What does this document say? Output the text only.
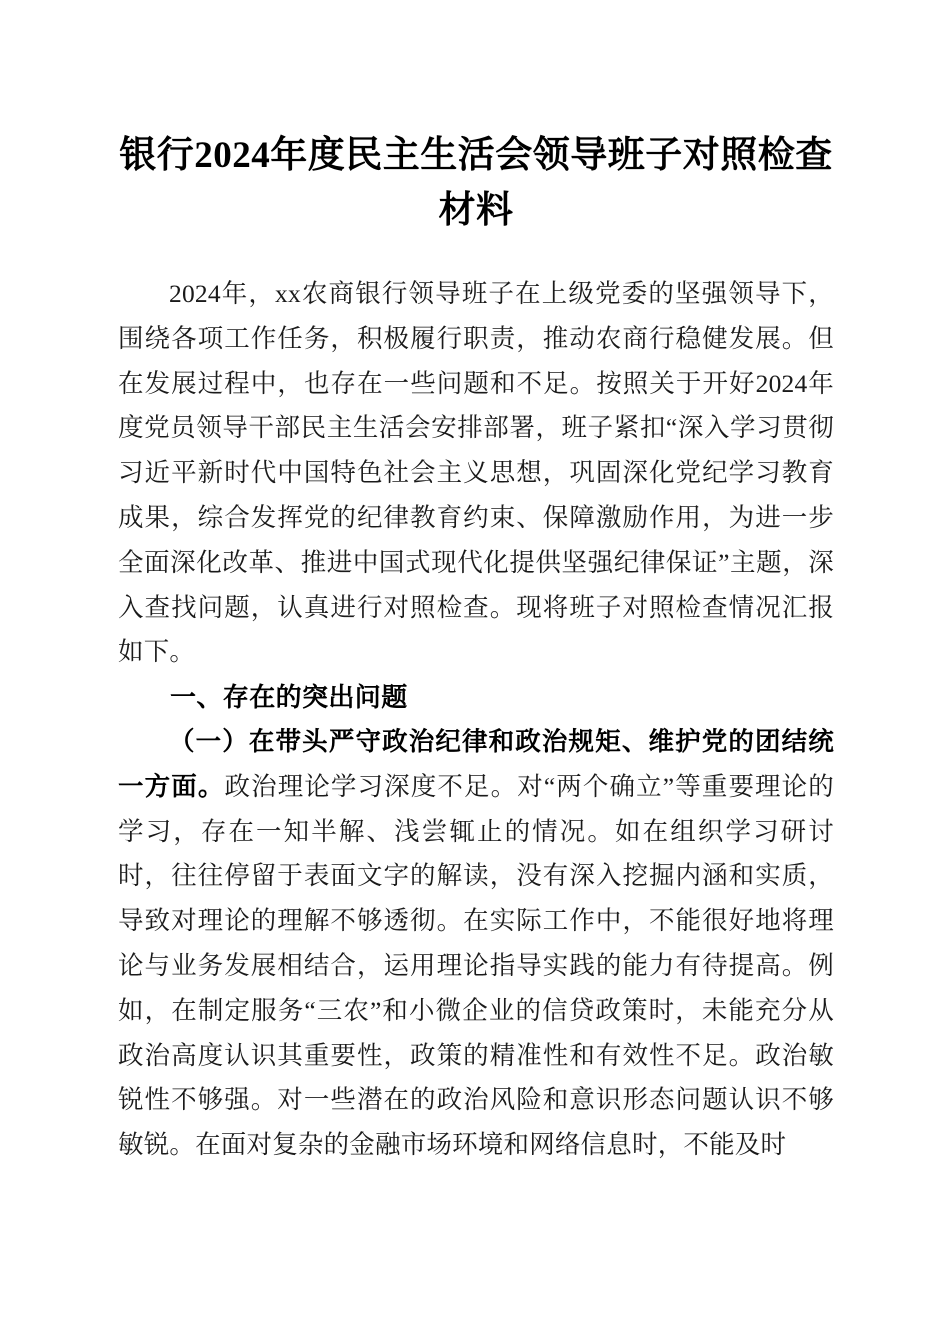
银行2024年度民主生活会领导班子对照检查材料

2024年，xx农商银行领导班子在上级党委的坚强领导下，围绕各项工作任务，积极履行职责，推动农商行稳健发展。但在发展过程中，也存在一些问题和不足。按照关于开好2024年度党员领导干部民主生活会安排部署，班子紧扣“深入学习贯彻习近平新时代中国特色社会主义思想，巩固深化党纪学习教育成果，综合发挥党的纪律教育约束、保障激励作用，为进一步全面深化改革、推进中国式现代化提供坚强纪律保证”主题，深入查找问题，认真进行对照检查。现将班子对照检查情况汇报如下。

一、存在的突出问题

（一）在带头严守政治纪律和政治规矩、维护党的团结统一方面。政治理论学习深度不足。对“两个确立”等重要理论的学习，存在一知半解、浅尝辄止的情况。如在组织学习研讨时，往往停留于表面文字的解读，没有深入挖掘内涵和实质，导致对理论的理解不够透彻。在实际工作中，不能很好地将理论与业务发展相结合，运用理论指导实践的能力有待提高。例如，在制定服务“三农”和小微企业的信贷政策时，未能充分从政治高度认识其重要性，政策的精准性和有效性不足。政治敏锐性不够强。对一些潜在的政治风险和意识形态问题认识不够敏锐。在面对复杂的金融市场环境和网络信息时，不能及时
